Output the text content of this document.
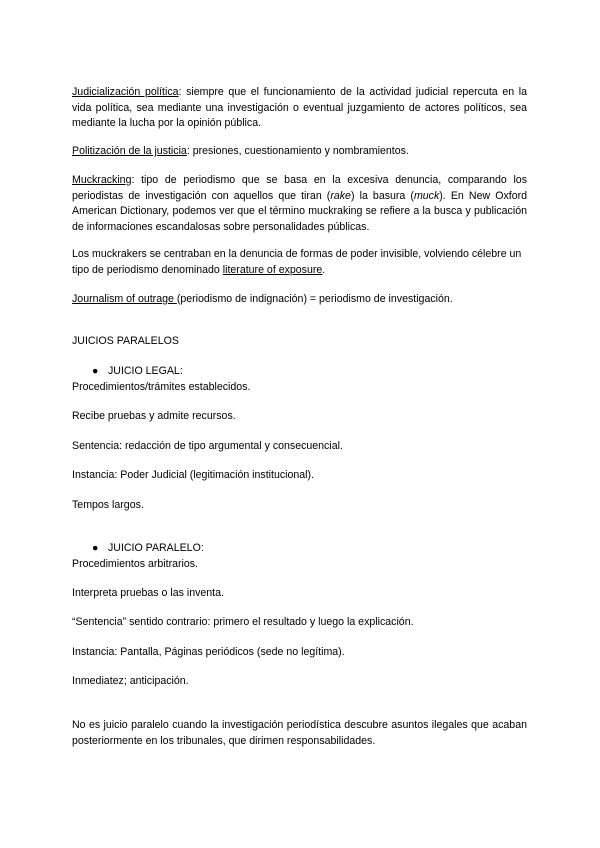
Judicialización política: siempre que el funcionamiento de la actividad judicial repercuta en la vida política, sea mediante una investigación o eventual juzgamiento de actores políticos, sea mediante la lucha por la opinión pública.

Politización de la justicia: presiones, cuestionamiento y nombramientos.

Muckracking: tipo de periodismo que se basa en la excesiva denuncia, comparando los periodistas de investigación con aquellos que tiran (rake) la basura (muck). En New Oxford American Dictionary, podemos ver que el término muckraking se refiere a la busca y publicación de informaciones escandalosas sobre personalidades públicas.

Los muckrakers se centraban en la denuncia de formas de poder invisible, volviendo célebre un tipo de periodismo denominado literature of exposure.

Journalism of outrage (periodismo de indignación) = periodismo de investigación.

JUICIOS PARALELOS

● JUICIO LEGAL:

Procedimientos/trámites establecidos.

Recibe pruebas y admite recursos.

Sentencia: redacción de tipo argumental y consecuencial.

Instancia: Poder Judicial (legitimación institucional).

Tempos largos.

● JUICIO PARALELO:

Procedimientos arbitrarios.

Interpreta pruebas o las inventa.

“Sentencia” sentido contrario: primero el resultado y luego la explicación.

Instancia: Pantalla, Páginas periódicos (sede no legítima).

Inmediatez; anticipación.

No es juicio paralelo cuando la investigación periodística descubre asuntos ilegales que acaban posteriormente en los tribunales, que dirimen responsabilidades.
